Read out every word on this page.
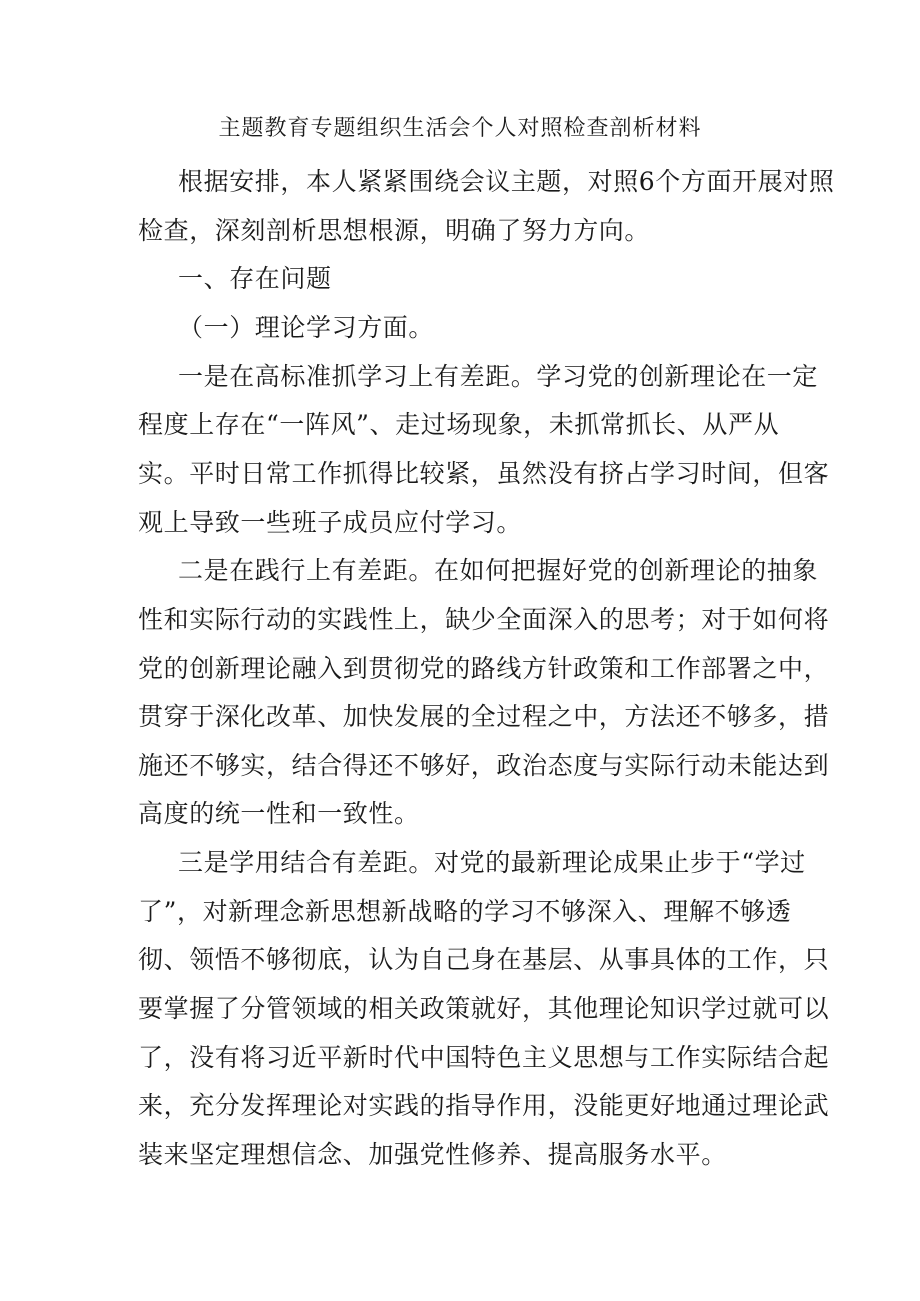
主题教育专题组织生活会个人对照检查剖析材料
根据安排，本人紧紧围绕会议主题，对照6个方面开展对照
检查，深刻剖析思想根源，明确了努力方向。
一、存在问题
（一）理论学习方面。
一是在高标准抓学习上有差距。学习党的创新理论在一定
程度上存在“一阵风”、走过场现象，未抓常抓长、从严从
实。平时日常工作抓得比较紧，虽然没有挤占学习时间，但客
观上导致一些班子成员应付学习。
二是在践行上有差距。在如何把握好党的创新理论的抽象
性和实际行动的实践性上，缺少全面深入的思考；对于如何将
党的创新理论融入到贯彻党的路线方针政策和工作部署之中，
贯穿于深化改革、加快发展的全过程之中，方法还不够多，措
施还不够实，结合得还不够好，政治态度与实际行动未能达到
高度的统一性和一致性。
三是学用结合有差距。对党的最新理论成果止步于“学过
了”，对新理念新思想新战略的学习不够深入、理解不够透
彻、领悟不够彻底，认为自己身在基层、从事具体的工作，只
要掌握了分管领域的相关政策就好，其他理论知识学过就可以
了，没有将习近平新时代中国特色主义思想与工作实际结合起
来，充分发挥理论对实践的指导作用，没能更好地通过理论武
装来坚定理想信念、加强党性修养、提高服务水平。
